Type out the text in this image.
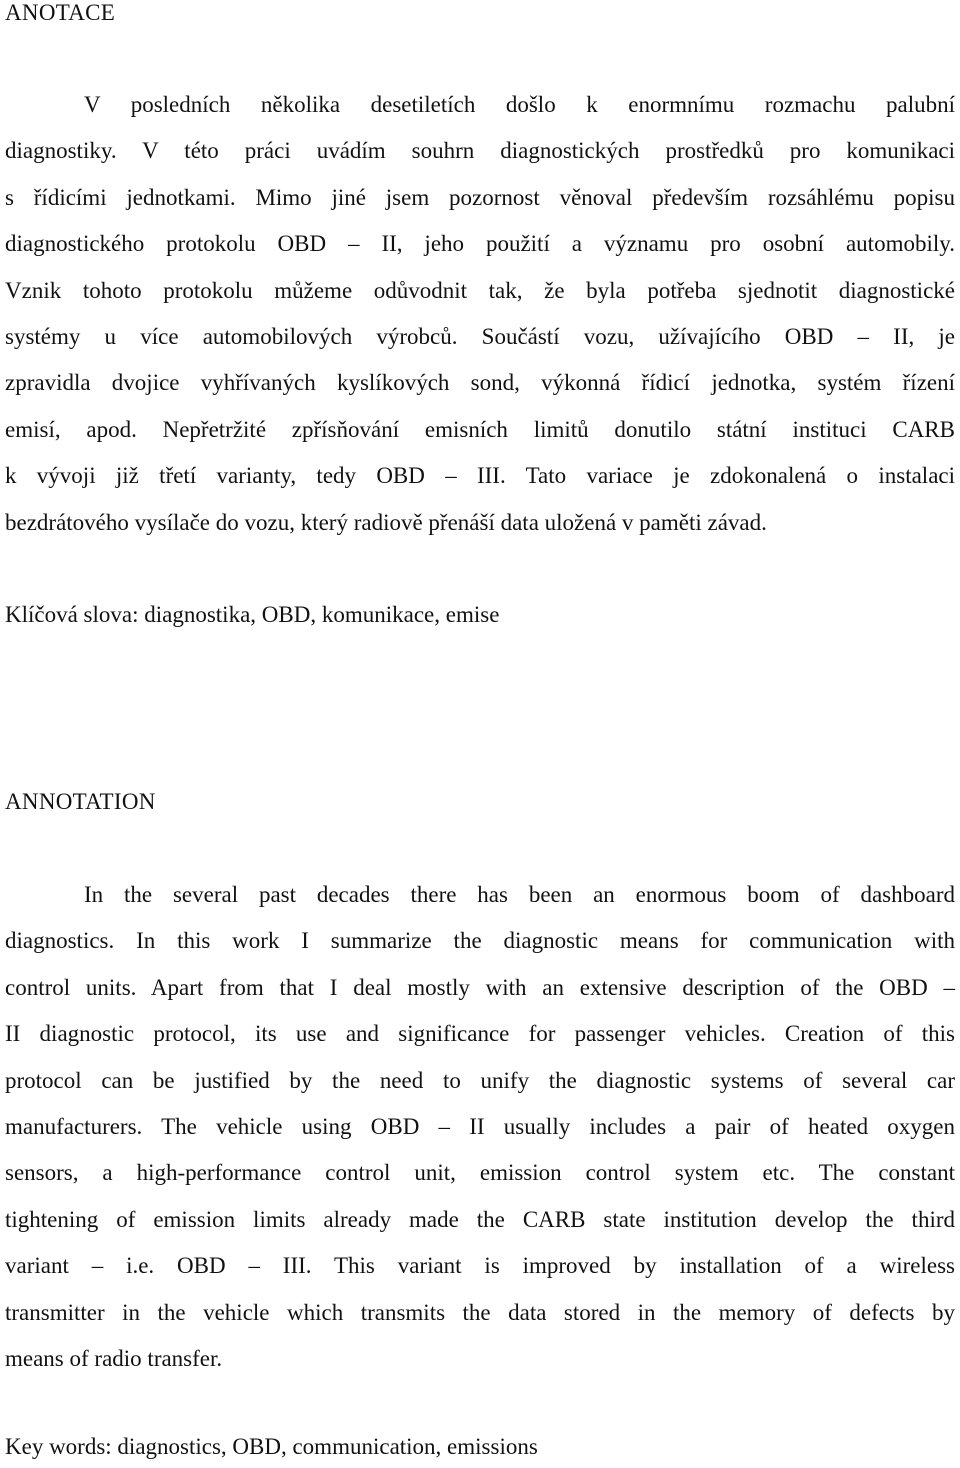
ANOTACE
V posledních několika desetiletích došlo k enormnímu rozmachu palubní
diagnostiky. V této práci uvádím souhrn diagnostických prostředků pro komunikaci
s řídicími jednotkami. Mimo jiné jsem pozornost věnoval především rozsáhlému popisu
diagnostického protokolu OBD – II, jeho použití a významu pro osobní automobily.
Vznik tohoto protokolu můžeme odůvodnit tak, že byla potřeba sjednotit diagnostické
systémy u více automobilových výrobců. Součástí vozu, užívajícího OBD – II, je
zpravidla dvojice vyhřívaných kyslíkových sond, výkonná řídicí jednotka, systém řízení
emisí, apod. Nepřetržité zpřísňování emisních limitů donutilo státní instituci CARB
k vývoji již třetí varianty, tedy OBD – III. Tato variace je zdokonalená o instalaci
bezdrátového vysílače do vozu, který radiově přenáší data uložená v paměti závad.

Klíčová slova: diagnostika, OBD, komunikace, emise

ANNOTATION
In the several past decades there has been an enormous boom of dashboard
diagnostics. In this work I summarize the diagnostic means for communication with
control units. Apart from that I deal mostly with an extensive description of the OBD –
II diagnostic protocol, its use and significance for passenger vehicles. Creation of this
protocol can be justified by the need to unify the diagnostic systems of several car
manufacturers. The vehicle using OBD – II usually includes a pair of heated oxygen
sensors, a high-performance control unit, emission control system etc. The constant
tightening of emission limits already made the CARB state institution develop the third
variant – i.e. OBD – III. This variant is improved by installation of a wireless
transmitter in the vehicle which transmits the data stored in the memory of defects by
means of radio transfer.

Key words: diagnostics, OBD, communication, emissions
